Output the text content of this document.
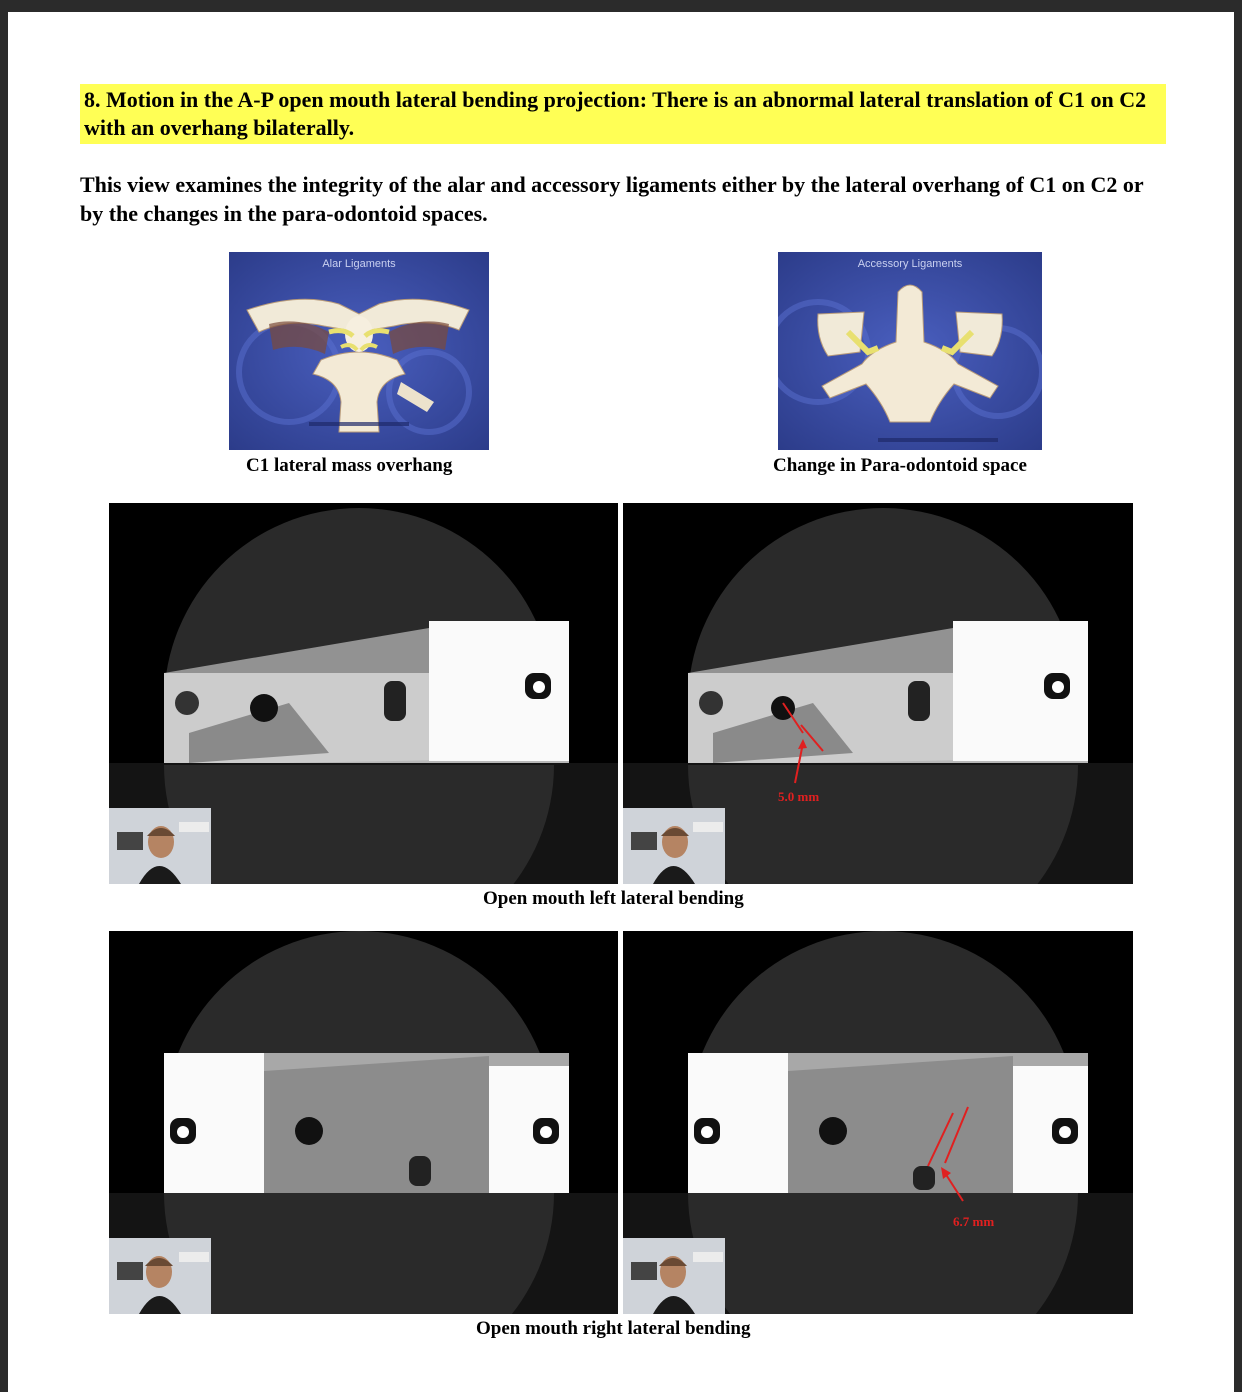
8. Motion in the A-P open mouth lateral bending projection: There is an abnormal lateral translation of C1 on C2 with an overhang bilaterally.
This view examines the integrity of the alar and accessory ligaments either by the lateral overhang of C1 on C2 or by the changes in the para-odontoid spaces.
Alar Ligaments
C1 lateral mass overhang
Accessory Ligaments
Change in Para-odontoid space
5.0 mm
Open mouth left lateral bending
6.7 mm
Open mouth right lateral bending
